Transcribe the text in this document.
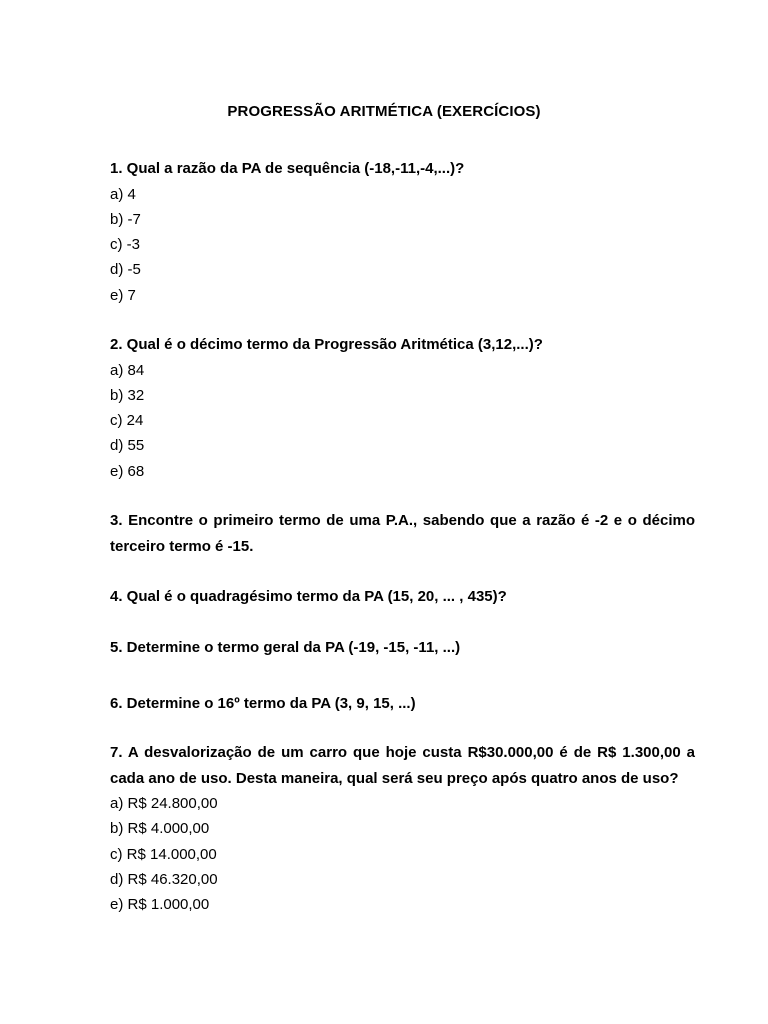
PROGRESSÃO ARITMÉTICA (EXERCÍCIOS)

1. Qual a razão da PA de sequência (-18,-11,-4,...)?

a) 4

b) -7

c) -3

d) -5

e) 7

2. Qual é o décimo termo da Progressão Aritmética (3,12,...)?

a) 84

b) 32

c) 24

d) 55

e) 68

3. Encontre o primeiro termo de uma P.A., sabendo que a razão é -2 e o décimo terceiro termo é -15.

4. Qual é o quadragésimo termo da PA (15, 20, ... , 435)?

5. Determine o termo geral da PA (-19, -15, -11, ...)

6. Determine o 16º termo da PA (3, 9, 15, ...)

7. A desvalorização de um carro que hoje custa R$30.000,00 é de R$ 1.300,00 a cada ano de uso. Desta maneira, qual será seu preço após quatro anos de uso?

a) R$ 24.800,00

b) R$ 4.000,00

c) R$ 14.000,00

d) R$ 46.320,00

e) R$ 1.000,00
